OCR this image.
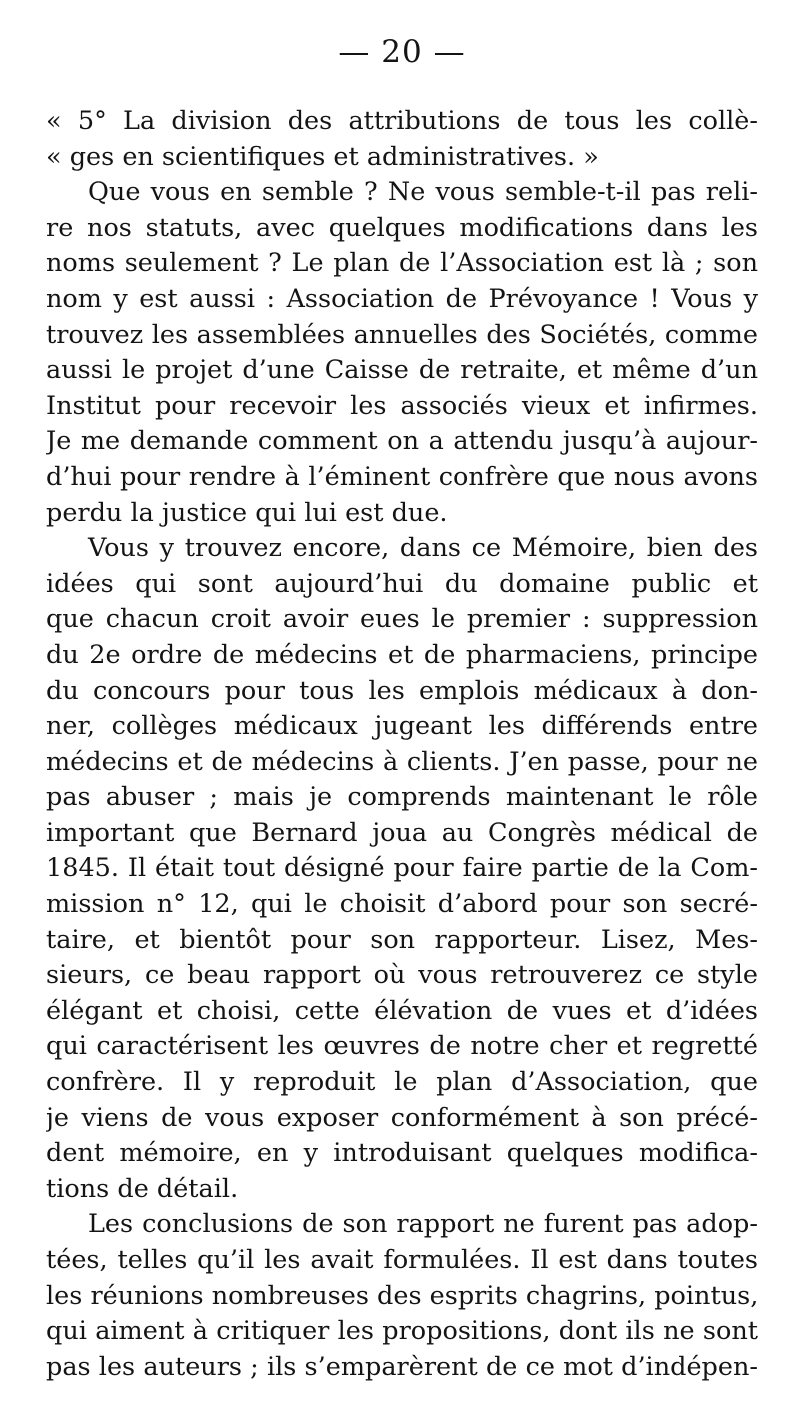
— 20 —
« 5° La division des attributions de tous les collè-
« ges en scientifiques et administratives. »
Que vous en semble ? Ne vous semble-t-il pas reli-
re nos statuts, avec quelques modifications dans les
noms seulement ? Le plan de l’Association est là ; son
nom y est aussi : Association de Prévoyance ! Vous y
trouvez les assemblées annuelles des Sociétés, comme
aussi le projet d’une Caisse de retraite, et même d’un
Institut pour recevoir les associés vieux et infirmes.
Je me demande comment on a attendu jusqu’à aujour-
d’hui pour rendre à l’éminent confrère que nous avons
perdu la justice qui lui est due.
Vous y trouvez encore, dans ce Mémoire, bien des
idées qui sont aujourd’hui du domaine public et
que chacun croit avoir eues le premier : suppression
du 2e ordre de médecins et de pharmaciens, principe
du concours pour tous les emplois médicaux à don-
ner, collèges médicaux jugeant les différends entre
médecins et de médecins à clients. J’en passe, pour ne
pas abuser ; mais je comprends maintenant le rôle
important que Bernard joua au Congrès médical de
1845. Il était tout désigné pour faire partie de la Com-
mission n° 12, qui le choisit d’abord pour son secré-
taire, et bientôt pour son rapporteur. Lisez, Mes-
sieurs, ce beau rapport où vous retrouverez ce style
élégant et choisi, cette élévation de vues et d’idées
qui caractérisent les œuvres de notre cher et regretté
confrère. Il y reproduit le plan d’Association, que
je viens de vous exposer conformément à son précé-
dent mémoire, en y introduisant quelques modifica-
tions de détail.
Les conclusions de son rapport ne furent pas adop-
tées, telles qu’il les avait formulées. Il est dans toutes
les réunions nombreuses des esprits chagrins, pointus,
qui aiment à critiquer les propositions, dont ils ne sont
pas les auteurs ; ils s’emparèrent de ce mot d’indépen-
